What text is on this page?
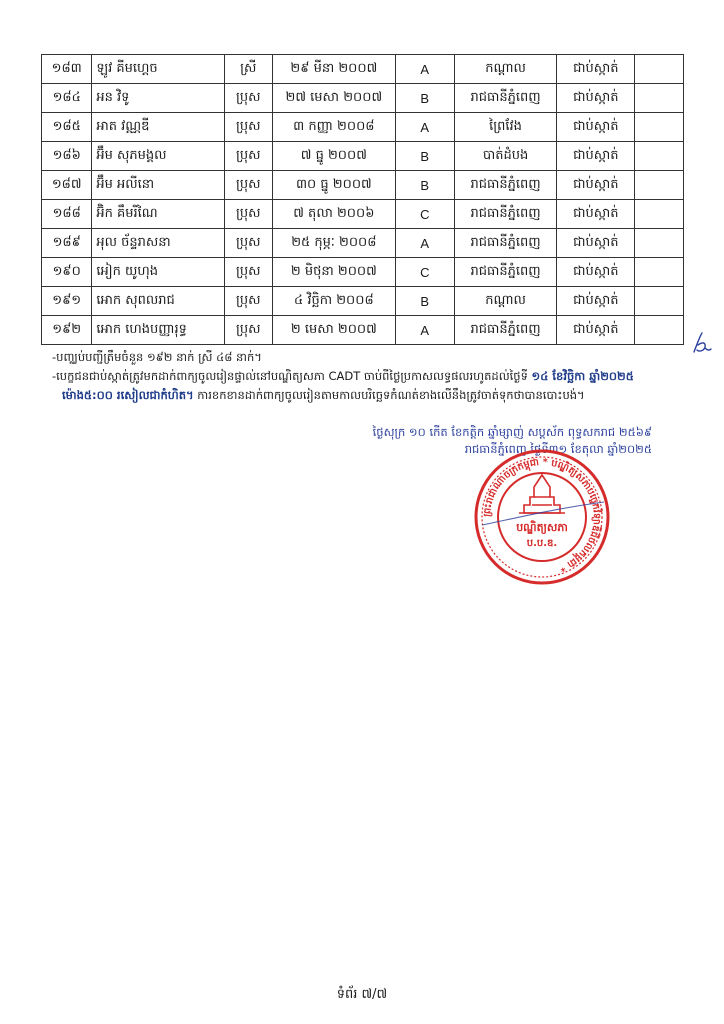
១៨៣	ឡូវ គីមហ្គេច	ស្រី	២៩ មីនា ២០០៧	A	កណ្តាល	ជាប់ស្កាត់	
១៨៤	អន វិទូ	ប្រុស	២៧ មេសា ២០០៧	B	រាជធានីភ្នំពេញ	ជាប់ស្កាត់	
១៨៥	អាត វណ្ណឌី	ប្រុស	៣ កញ្ញា ២០០៨	A	ព្រៃវែង	ជាប់ស្កាត់	
១៨៦	អ៊ឹម សុភមង្គល	ប្រុស	៧ ធ្នូ ២០០៧	B	បាត់ដំបង	ជាប់ស្កាត់	
១៨៧	អ៊ឹម អលីនោ	ប្រុស	៣០ ធ្នូ ២០០៧	B	រាជធានីភ្នំពេញ	ជាប់ស្កាត់	
១៨៨	អ៊ិក គឹមរីណៃ	ប្រុស	៧ តុលា ២០០៦	C	រាជធានីភ្នំពេញ	ជាប់ស្កាត់	
១៨៩	អុល ច័ន្ទរាសនា	ប្រុស	២៥ កុម្ភៈ ២០០៨	A	រាជធានីភ្នំពេញ	ជាប់ស្កាត់	
១៩០	អៀក យូហុង	ប្រុស	២ មិថុនា ២០០៧	C	រាជធានីភ្នំពេញ	ជាប់ស្កាត់	
១៩១	អោក សុពលរាជ	ប្រុស	៤ វិច្ឆិកា ២០០៨	B	កណ្តាល	ជាប់ស្កាត់	
១៩២	អោក ហេងបញ្ញារុទ្ធ	ប្រុស	២ មេសា ២០០៧	A	រាជធានីភ្នំពេញ	ជាប់ស្កាត់	
-បញ្ឈប់បញ្ជីត្រឹមចំនួន ១៩២ នាក់ ស្រី ៤៨ នាក់។
-បេក្ខជនជាប់ស្កាត់ត្រូវមកដាក់ពាក្យចូលរៀនផ្ទាល់នៅបណ្ឌិត្យសភា CADT ចាប់ពីថ្ងៃប្រកាសលទ្ធផលរហូតដល់ថ្ងៃទី ១៤ ខែវិច្ឆិកា ឆ្នាំ២០២៥
ម៉ោង៥:០០ រសៀលជាកំហិត។ ការខកខានដាក់ពាក្យចូលរៀនតាមកាលបរិច្ឆេទកំណត់ខាងលើនឹងត្រូវចាត់ទុកថាបានបោះបង់។
ថ្ងៃសុក្រ ១០ កើត ខែកត្តិក ឆ្នាំម្សាញ់ សប្តស័ក ពុទ្ធសករាជ ២៥៦៩
រាជធានីភ្នំពេញ ថ្ងៃទី៣១ ខែតុលា ឆ្នាំ២០២៥
ព្រះរាជាណាចក្រកម្ពុជា * បណ្ឌិត្យសភាបច្ចេកវិទ្យាឌីជីថលកម្ពុជា *
បណ្ឌិត្យសភា
ប.ប.ឌ.
ទំព័រ ៧/៧
